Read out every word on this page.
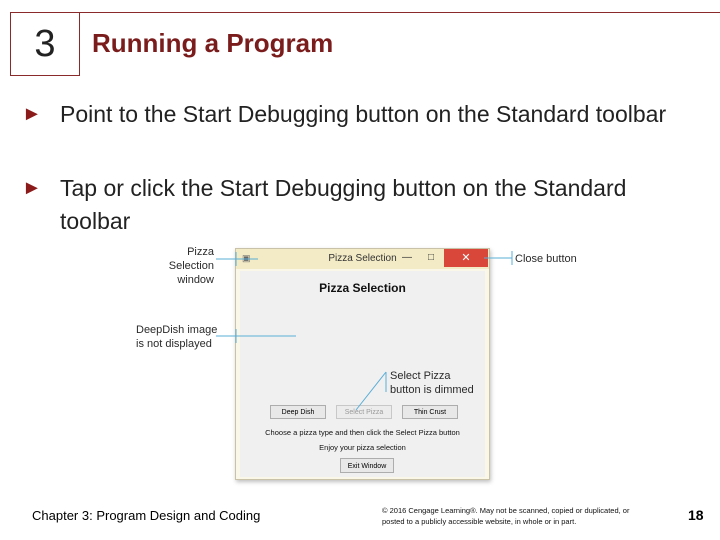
3	Running a Program
► Point to the Start Debugging button on the Standard toolbar
► Tap or click the Start Debugging button on the Standard toolbar
▣	Pizza Selection —	□	✕
Pizza Selection
Deep Dish	Select Pizza	Thin Crust
Choose a pizza type and then click the Select Pizza button
Enjoy your pizza selection
Exit Window
Pizza Selection
window
DeepDish image
is not displayed
Select Pizza
button is dimmed
Close button
Chapter 3: Program Design and Coding	© 2016 Cengage Learning®. May not be scanned, copied or duplicated, or posted to a publicly accessible website, in whole or in part.	18
